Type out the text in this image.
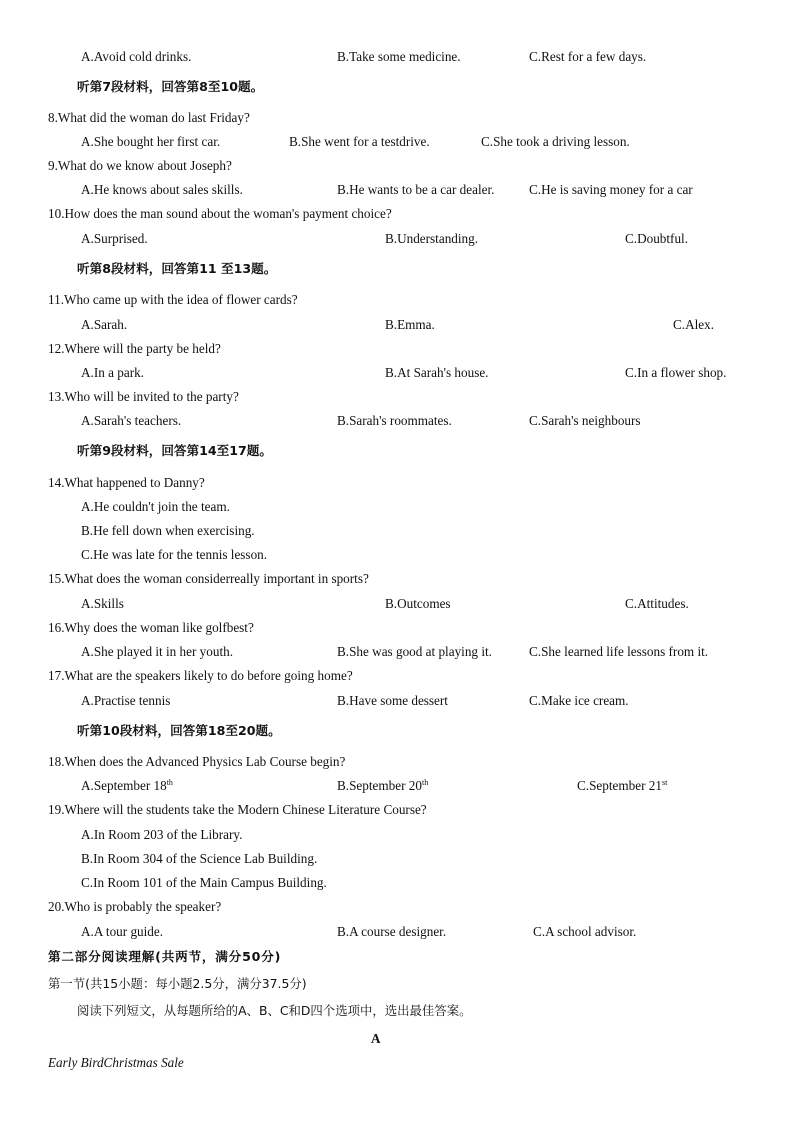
A.Avoid cold drinks.	B.Take some medicine.	C.Rest for a few days.
听第7段材料，回答第8至10题。
8.What did the woman do last Friday?
A.She bought her first car.	B.She went for a testdrive.	C.She took a driving lesson.
9.What do we know about Joseph?
A.He knows about sales skills.	B.He wants to be a car dealer.	C.He is saving money for a car
10.How does the man sound about the woman's payment choice?
A.Surprised.	B.Understanding.	C.Doubtful.
听第8段材料，回答第11 至13题。
11.Who came up with the idea of flower cards?
A.Sarah.	B.Emma.	C.Alex.
12.Where will the party be held?
A.In a park.	B.At Sarah's house.	C.In a flower shop.
13.Who will be invited to the party?
A.Sarah's teachers.	B.Sarah's roommates.	C.Sarah's neighbours
听第9段材料，回答第14至17题。
14.What happened to Danny?
A.He couldn't join the team.
B.He fell down when exercising.
C.He was late for the tennis lesson.
15.What does the woman considerreally important in sports?
A.Skills	B.Outcomes	C.Attitudes.
16.Why does the woman like golfbest?
A.She played it in her youth.	B.She was good at playing it.	C.She learned life lessons from it.
17.What are the speakers likely to do before going home?
A.Practise tennis	B.Have some dessert	C.Make ice cream.
听第10段材料，回答第18至20题。
18.When does the Advanced Physics Lab Course begin?
A.September 18th	B.September 20th	C.September 21st
19.Where will the students take the Modern Chinese Literature Course?
A.In Room 203 of the Library.
B.In Room 304 of the Science Lab Building.
C.In Room 101 of the Main Campus Building.
20.Who is probably the speaker?
A.A tour guide.	B.A course designer.	C.A school advisor.
第二部分阅读理解(共两节，满分50分)
第一节(共15小题：每小题2.5分，满分37.5分)
阅读下列短文，从每题所给的A、B、C和D四个选项中，选出最佳答案。
A
Early BirdChristmas Sale
